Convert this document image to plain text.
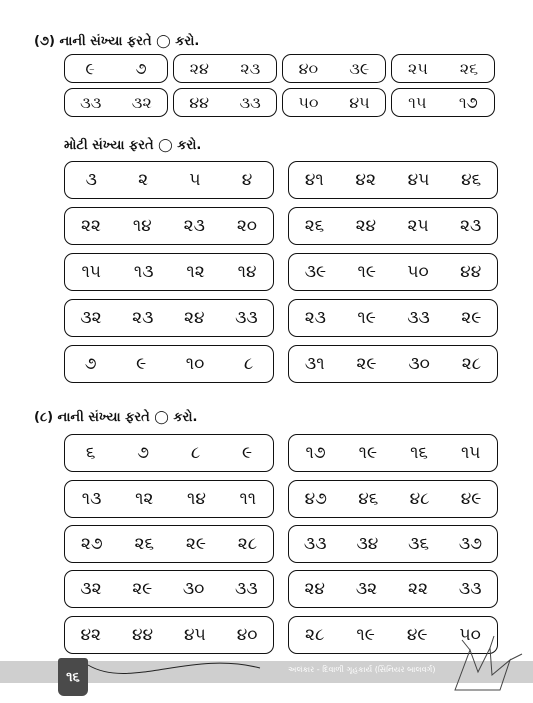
(૭) નાની સંખ્યા ફરતે ◯ કરો.
૯	૭	૨૪ ૨૩ ૪૦ ૩૯ ૨૫ ૨૬
૩૩ ૩૨ ૪૪ ૩૩ ૫૦ ૪૫ ૧૫ ૧૭
મોટી સંખ્યા ફરતે ◯ કરો.
૩ ૨ ૫ ૪
૨૨ ૧૪ ૨૩ ૨૦
૧૫ ૧૩ ૧૨ ૧૪
૩૨ ૨૩ ૨૪ ૩૩
૭ ૯ ૧૦ ૮
૪૧ ૪૨ ૪૫ ૪૬
૨૬ ૨૪ ૨૫ ૨૩
૩૯ ૧૯ ૫૦ ૪૪
૨૩ ૧૯ ૩૩ ૨૯
૩૧ ૨૯ ૩૦ ૨૮
(૮) નાની સંખ્યા ફરતે ◯ કરો.
૬ ૭ ૮ ૯
૧૩ ૧૨ ૧૪ ૧૧
૨૭ ૨૬ ૨૯ ૨૮
૩૨ ૨૯ ૩૦ ૩૩
૪૨ ૪૪ ૪૫ ૪૦
૧૭ ૧૯ ૧૬ ૧૫
૪૭ ૪૬ ૪૮ ૪૯
૩૩ ૩૪ ૩૬ ૩૭
૨૪ ૩૨ ૨૨ ૩૩
૨૮ ૧૯ ૪૯ ૫૦
૧૬	અલંકાર - દિવાળી ગૃહકાર્ય (સિનિયર બાલવર્ગ)
